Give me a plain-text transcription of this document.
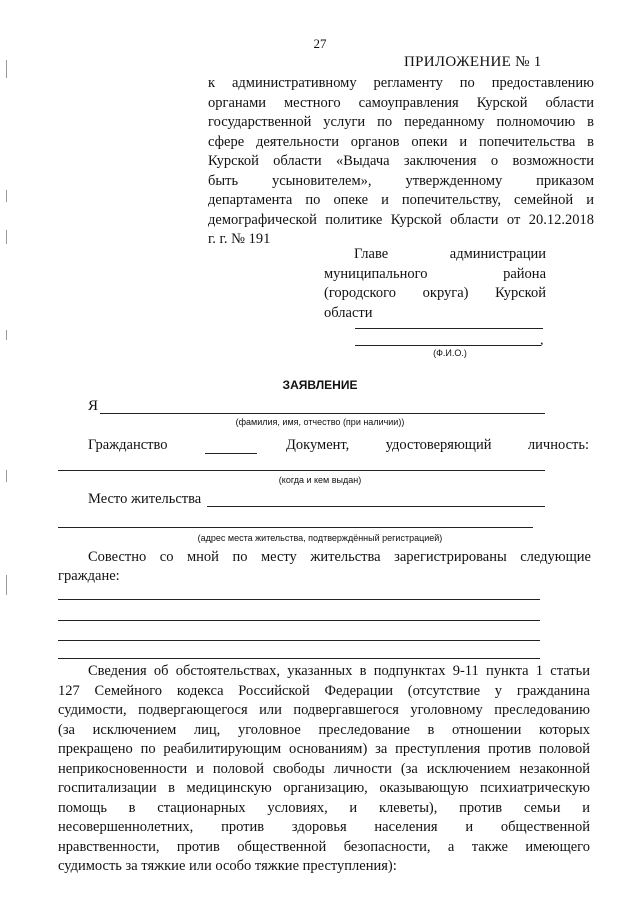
27
ПРИЛОЖЕНИЕ № 1
к административному регламенту по предоставлению
органами местного самоуправления Курской области
государственной услуги по переданному полномочию в
сфере деятельности органов опеки и попечительства в
Курской области «Выдача заключения о возможности
быть усыновителем», утвержденному приказом
департамента по опеке и попечительству, семейной и
демографической политике Курской области от 20.12.2018
г. г. № 191
Главе администрации
муниципального района
(городского округа) Курской
области
,
(Ф.И.О.)
ЗАЯВЛЕНИЕ
Я
(фамилия, имя, отчество (при наличии))
Гражданство	Документ, удостоверяющий личность:
(когда и кем выдан)
Место жительства
(адрес места жительства, подтверждённый регистрацией)
Совестно со мной по месту жительства зарегистрированы следующие
граждане:
Сведения об обстоятельствах, указанных в подпунктах 9-11 пункта 1 статьи
127 Семейного кодекса Российской Федерации (отсутствие у гражданина
судимости, подвергающегося или подвергавшегося уголовному преследованию
(за исключением лиц, уголовное преследование в отношении которых
прекращено по реабилитирующим основаниям) за преступления против половой
неприкосновенности и половой свободы личности (за исключением незаконной
госпитализации в медицинскую организацию, оказывающую психиатрическую
помощь в стационарных условиях, и клеветы), против семьи и
несовершеннолетних, против здоровья населения и общественной
нравственности, против общественной безопасности, а также имеющего
судимость за тяжкие или особо тяжкие преступления):
